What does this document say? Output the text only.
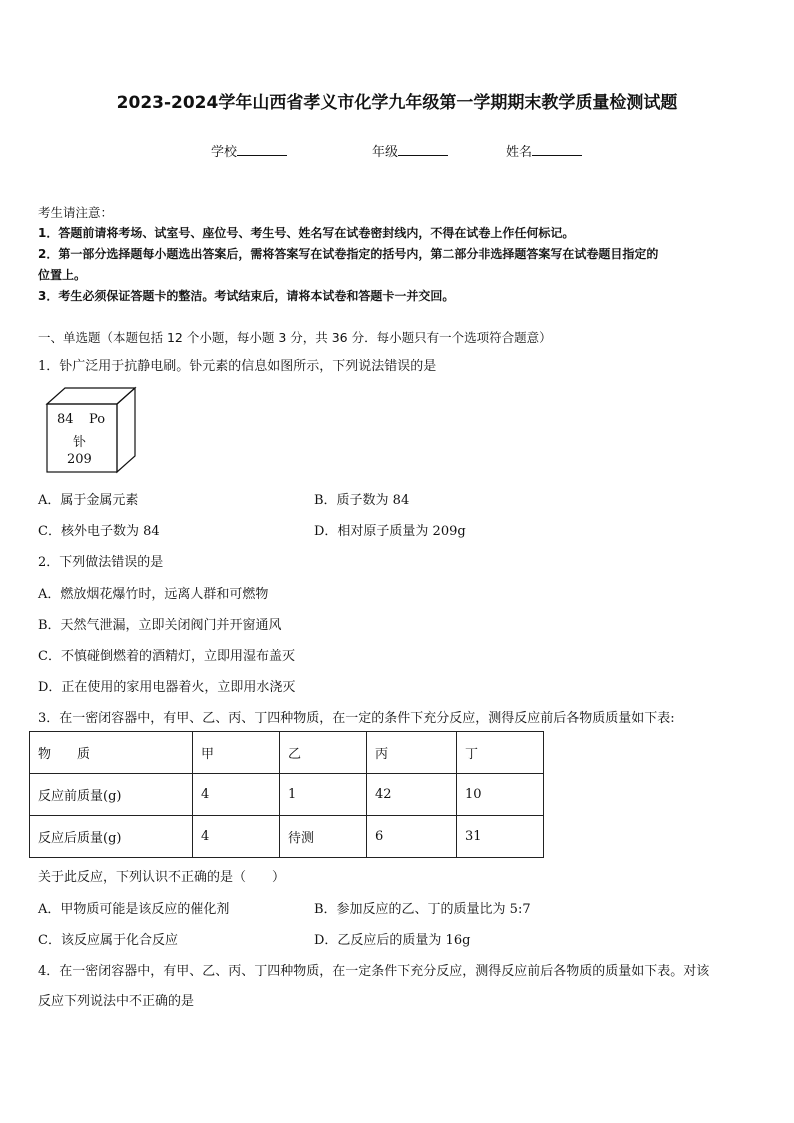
2023-2024学年山西省孝义市化学九年级第一学期期末教学质量检测试题
学校	年级	姓名
考生请注意：
1．答题前请将考场、试室号、座位号、考生号、姓名写在试卷密封线内，不得在试卷上作任何标记。
2．第一部分选择题每小题选出答案后，需将答案写在试卷指定的括号内，第二部分非选择题答案写在试卷题目指定的
位置上。
3．考生必须保证答题卡的整洁。考试结束后，请将本试卷和答题卡一并交回。
一、单选题（本题包括 12 个小题，每小题 3 分，共 36 分．每小题只有一个选项符合题意）
1．钋广泛用于抗静电刷。钋元素的信息如图所示，下列说法错误的是
84 Po
钋
209
A．属于金属元素	B．质子数为 84
C．核外电子数为 84	D．相对原子质量为 209g
2．下列做法错误的是
A．燃放烟花爆竹时，远离人群和可燃物
B．天然气泄漏，立即关闭阀门并开窗通风
C．不慎碰倒燃着的酒精灯，立即用湿布盖灭
D．正在使用的家用电器着火，立即用水浇灭
3．在一密闭容器中，有甲、乙、丙、丁四种物质，在一定的条件下充分反应，测得反应前后各物质质量如下表:
物　　质	甲	乙	丙	丁
反应前质量(g)	4	1	42	10
反应后质量(g)	4	待测	6	31
关于此反应，下列认识不正确的是（　　）
A．甲物质可能是该反应的催化剂	B．参加反应的乙、丁的质量比为 5:7
C．该反应属于化合反应	D．乙反应后的质量为 16g
4．在一密闭容器中，有甲、乙、丙、丁四种物质，在一定条件下充分反应，测得反应前后各物质的质量如下表。对该
反应下列说法中不正确的是
